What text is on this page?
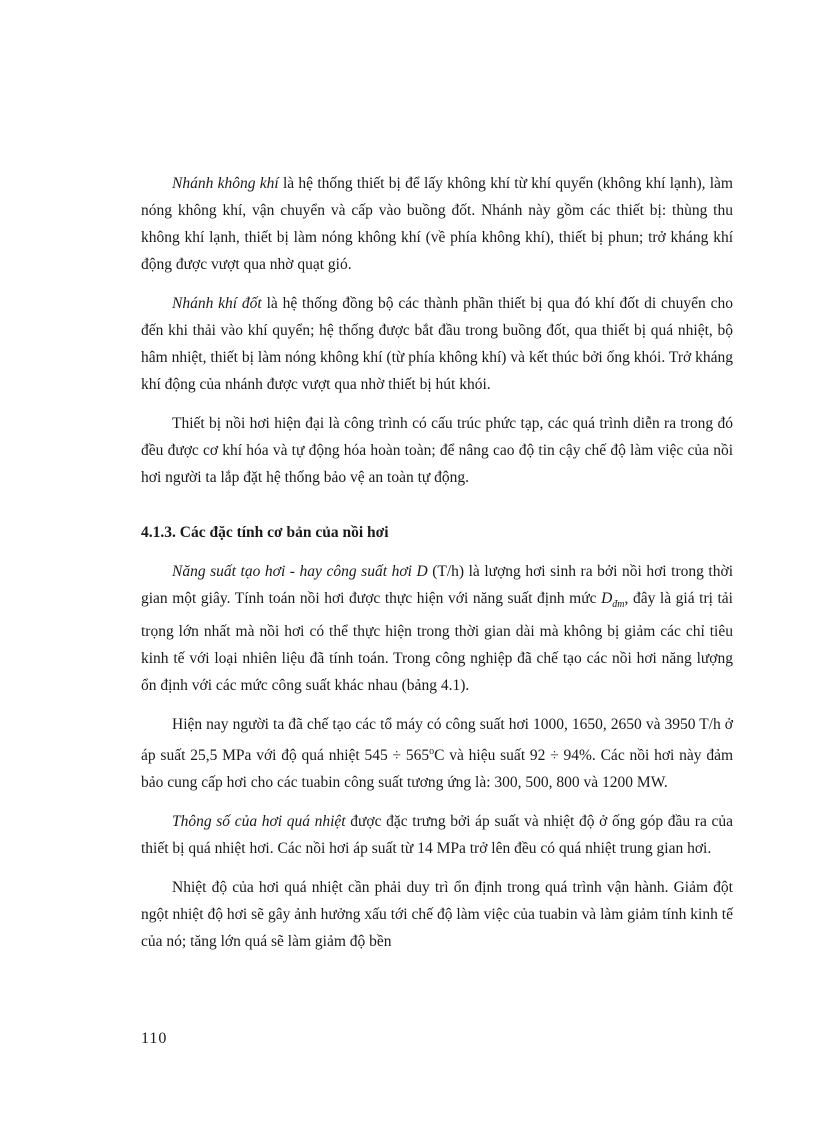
Nhánh không khí là hệ thống thiết bị để lấy không khí từ khí quyển (không khí lạnh), làm nóng không khí, vận chuyển và cấp vào buồng đốt. Nhánh này gồm các thiết bị: thùng thu không khí lạnh, thiết bị làm nóng không khí (về phía không khí), thiết bị phun; trở kháng khí động được vượt qua nhờ quạt gió.

Nhánh khí đốt là hệ thống đồng bộ các thành phần thiết bị qua đó khí đốt di chuyển cho đến khi thải vào khí quyển; hệ thống được bắt đầu trong buồng đốt, qua thiết bị quá nhiệt, bộ hâm nhiệt, thiết bị làm nóng không khí (từ phía không khí) và kết thúc bởi ống khói. Trở kháng khí động của nhánh được vượt qua nhờ thiết bị hút khói.

Thiết bị nồi hơi hiện đại là công trình có cấu trúc phức tạp, các quá trình diễn ra trong đó đều được cơ khí hóa và tự động hóa hoàn toàn; để nâng cao độ tin cậy chế độ làm việc của nồi hơi người ta lắp đặt hệ thống bảo vệ an toàn tự động.

4.1.3. Các đặc tính cơ bản của nồi hơi

Năng suất tạo hơi - hay công suất hơi D (T/h) là lượng hơi sinh ra bởi nồi hơi trong thời gian một giây. Tính toán nồi hơi được thực hiện với năng suất định mức $D_{đm}$, đây là giá trị tải trọng lớn nhất mà nồi hơi có thể thực hiện trong thời gian dài mà không bị giảm các chỉ tiêu kinh tế với loại nhiên liệu đã tính toán. Trong công nghiệp đã chế tạo các nồi hơi năng lượng ổn định với các mức công suất khác nhau (bảng 4.1).

Hiện nay người ta đã chế tạo các tổ máy có công suất hơi 1000, 1650, 2650 và 3950 T/h ở áp suất 25,5 MPa với độ quá nhiệt $545 \div 565^oC$ và hiệu suất 92 ÷ 94%. Các nồi hơi này đảm bảo cung cấp hơi cho các tuabin công suất tương ứng là: 300, 500, 800 và 1200 MW.

Thông số của hơi quá nhiệt được đặc trưng bởi áp suất và nhiệt độ ở ống góp đầu ra của thiết bị quá nhiệt hơi. Các nồi hơi áp suất từ 14 MPa trở lên đều có quá nhiệt trung gian hơi.

Nhiệt độ của hơi quá nhiệt cần phải duy trì ổn định trong quá trình vận hành. Giảm đột ngột nhiệt độ hơi sẽ gây ảnh hưởng xấu tới chế độ làm việc của tuabin và làm giảm tính kinh tế của nó; tăng lớn quá sẽ làm giảm độ bền

110
